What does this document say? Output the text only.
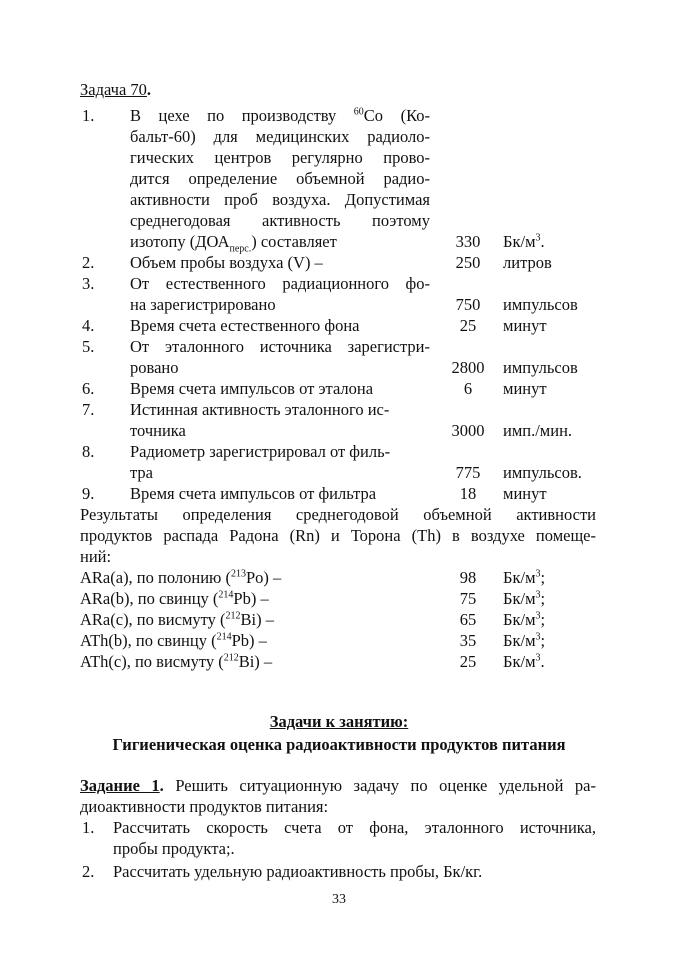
Задача 70.
1. В цехе по производству $^{60}$Co (Ко-
бальт-60) для медицинских радиоло-
гических центров регулярно прово-
дится определение объемной радио-
активности проб воздуха. Допустимая
среднегодовая активность поэтому
изотопу $(ДОА_{перс.})$ составляет	330	$Бк/м^3$.
2. Объем пробы воздуха (V) –	250	литров
3. От естественного радиационного фо-
на зарегистрировано	750	импульсов
4. Время счета естественного фона	25	минут
5. От эталонного источника зарегистри-
ровано	2800	импульсов
6. Время счета импульсов от эталона	6	минут
7. Истинная активность эталонного ис-
точника	3000	имп./мин.
8. Радиометр зарегистрировал от филь-
тра	775	импульсов.
9. Время счета импульсов от фильтра	18	минут
Результаты определения среднегодовой объемной активности
продуктов распада Радона (Rn) и Торона (Th) в воздухе помеще-
ний:
ARa(a), по полонию ($^{213}$Po) –	98	$Бк/м^3$;
ARa(b), по свинцу ($^{214}$Pb) –	75	$Бк/м^3$;
ARa(c), по висмуту ($^{212}$Bi) –	65	$Бк/м^3$;
ATh(b), по свинцу ($^{214}$Pb) –	35	$Бк/м^3$;
ATh(c), по висмуту ($^{212}$Bi) –	25	$Бк/м^3$.
Задачи к занятию:
Гигиеническая оценка радиоактивности продуктов питания
Задание 1. Решить ситуационную задачу по оценке удельной ра-
диоактивности продуктов питания:
1. Рассчитать скорость счета от фона, эталонного источника,
пробы продукта;.
2. Рассчитать удельную радиоактивность пробы, Бк/кг.
33
